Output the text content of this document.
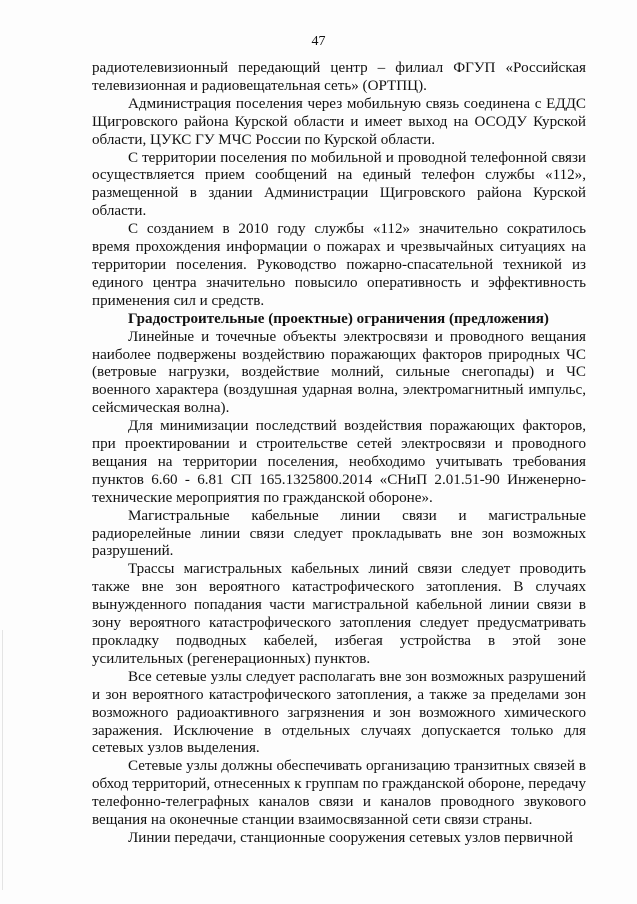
47

радиотелевизионный передающий центр – филиал ФГУП «Российская телевизионная и радиовещательная сеть» (ОРТПЦ).

Администрация поселения через мобильную связь соединена с ЕДДС Щигровского района Курской области и имеет выход на ОСОДУ Курской области, ЦУКС ГУ МЧС России по Курской области.

С территории поселения по мобильной и проводной телефонной связи осуществляется прием сообщений на единый телефон службы «112», размещенной в здании Администрации Щигровского района Курской области.

С созданием в 2010 году службы «112» значительно сократилось время прохождения информации о пожарах и чрезвычайных ситуациях на территории поселения. Руководство пожарно-спасательной техникой из единого центра значительно повысило оперативность и эффективность применения сил и средств.

Градостроительные (проектные) ограничения (предложения)

Линейные и точечные объекты электросвязи и проводного вещания наиболее подвержены воздействию поражающих факторов природных ЧС (ветровые нагрузки, воздействие молний, сильные снегопады) и ЧС военного характера (воздушная ударная волна, электромагнитный импульс, сейсмическая волна).

Для минимизации последствий воздействия поражающих факторов, при проектировании и строительстве сетей электросвязи и проводного вещания на территории поселения, необходимо учитывать требования пунктов 6.60 - 6.81 СП 165.1325800.2014 «СНиП 2.01.51-90 Инженерно-технические мероприятия по гражданской обороне».

Магистральные кабельные линии связи и магистральные радиорелейные линии связи следует прокладывать вне зон возможных разрушений.

Трассы магистральных кабельных линий связи следует проводить также вне зон вероятного катастрофического затопления. В случаях вынужденного попадания части магистральной кабельной линии связи в зону вероятного катастрофического затопления следует предусматривать прокладку подводных кабелей, избегая устройства в этой зоне усилительных (регенерационных) пунктов.

Все сетевые узлы следует располагать вне зон возможных разрушений и зон вероятного катастрофического затопления, а также за пределами зон возможного радиоактивного загрязнения и зон возможного химического заражения. Исключение в отдельных случаях допускается только для сетевых узлов выделения.

Сетевые узлы должны обеспечивать организацию транзитных связей в обход территорий, отнесенных к группам по гражданской обороне, передачу телефонно-телеграфных каналов связи и каналов проводного звукового вещания на оконечные станции взаимосвязанной сети связи страны.

Линии передачи, станционные сооружения сетевых узлов первичной
